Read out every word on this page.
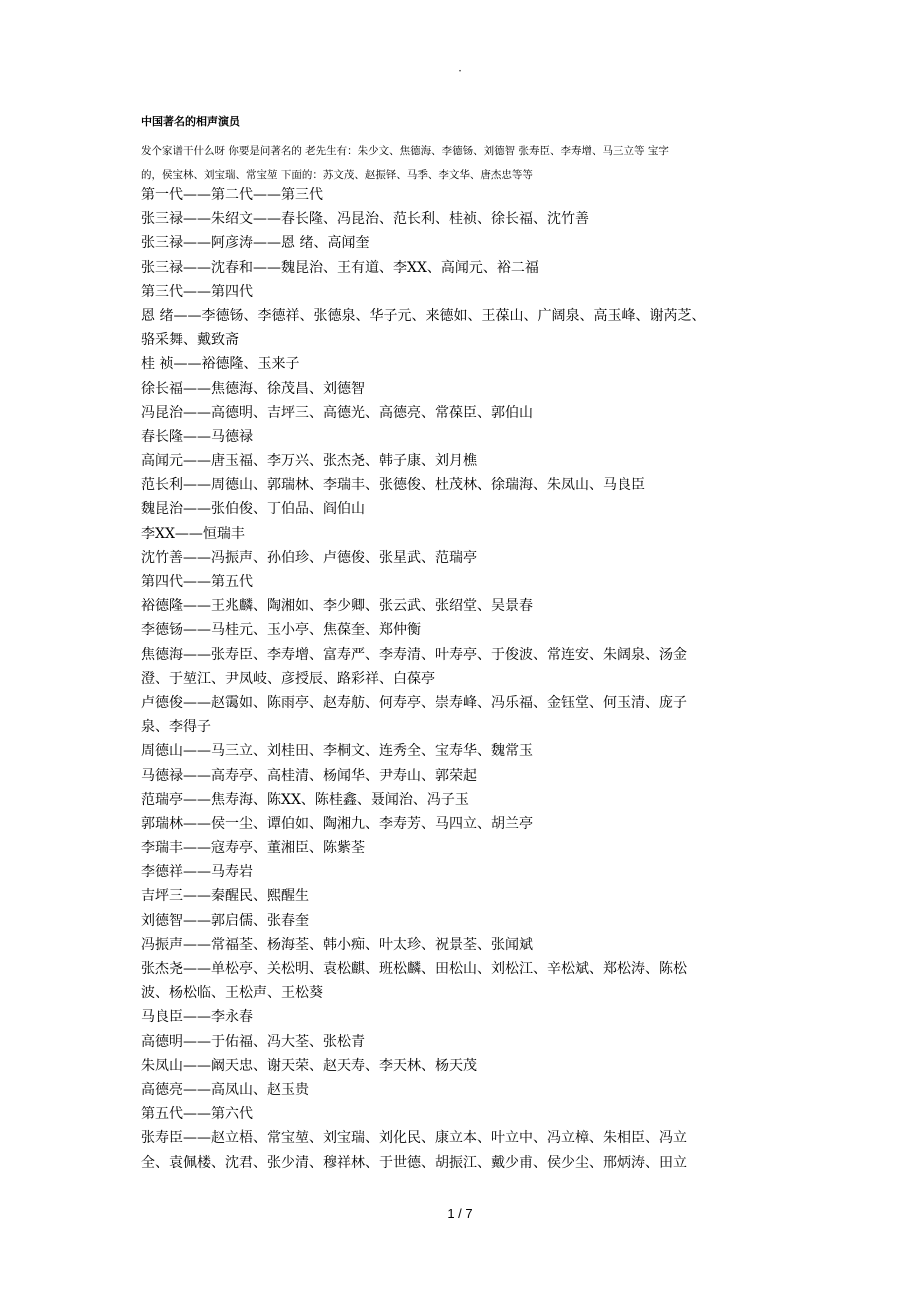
·
中国著名的相声演员
发个家谱干什么呀 你要是问著名的 老先生有：朱少文、焦德海、李德钖、刘德智 张寿臣、李寿增、马三立等 宝字
的，侯宝林、刘宝瑞、常宝堃 下面的：苏文茂、赵振铎、马季、李文华、唐杰忠等等
第一代——第二代——第三代
张三禄——朱绍文——春长隆、冯昆治、范长利、桂祯、徐长福、沈竹善
张三禄——阿彦涛——恩 绪、高闻奎
张三禄——沈春和——魏昆治、王有道、李XX、高闻元、裕二福
第三代——第四代
恩 绪——李德钖、李德祥、张德泉、华子元、来德如、王葆山、广阔泉、高玉峰、谢芮芝、
骆采舞、戴致斋
桂 祯——裕德隆、玉来子
徐长福——焦德海、徐茂昌、刘德智
冯昆治——高德明、吉坪三、高德光、高德亮、常葆臣、郭伯山
春长隆——马德禄
高闻元——唐玉福、李万兴、张杰尧、韩子康、刘月樵
范长利——周德山、郭瑞林、李瑞丰、张德俊、杜茂林、徐瑞海、朱凤山、马良臣
魏昆治——张伯俊、丁伯品、阎伯山
李XX——恒瑞丰
沈竹善——冯振声、孙伯珍、卢德俊、张星武、范瑞亭
第四代——第五代
裕德隆——王兆麟、陶湘如、李少卿、张云武、张绍堂、吴景春
李德钖——马桂元、玉小亭、焦葆奎、郑仲衡
焦德海——张寿臣、李寿增、富寿严、李寿清、叶寿亭、于俊波、常连安、朱阔泉、汤金
澄、于堃江、尹凤岐、彦授辰、路彩祥、白葆亭
卢德俊——赵霭如、陈雨亭、赵寿舫、何寿亭、崇寿峰、冯乐福、金钰堂、何玉清、庞子
泉、李得子
周德山——马三立、刘桂田、李桐文、连秀全、宝寿华、魏常玉
马德禄——高寿亭、高桂清、杨闻华、尹寿山、郭荣起
范瑞亭——焦寿海、陈XX、陈桂鑫、聂闻治、冯子玉
郭瑞林——侯一尘、谭伯如、陶湘九、李寿芳、马四立、胡兰亭
李瑞丰——寇寿亭、董湘臣、陈紫荃
李德祥——马寿岩
吉坪三——秦醒民、熙醒生
刘德智——郭启儒、张春奎
冯振声——常福荃、杨海荃、韩小痴、叶太珍、祝景荃、张闻斌
张杰尧——单松亭、关松明、袁松麒、班松麟、田松山、刘松江、辛松斌、郑松涛、陈松
波、杨松临、王松声、王松葵
马良臣——李永春
高德明——于佑福、冯大荃、张松青
朱凤山——阚天忠、谢天荣、赵天寿、李天林、杨天茂
高德亮——高凤山、赵玉贵
第五代——第六代
张寿臣——赵立梧、常宝堃、刘宝瑞、刘化民、康立本、叶立中、冯立樟、朱相臣、冯立
全、袁佩楼、沈君、张少清、穆祥林、于世德、胡振江、戴少甫、侯少尘、邢炳涛、田立
1 / 7
